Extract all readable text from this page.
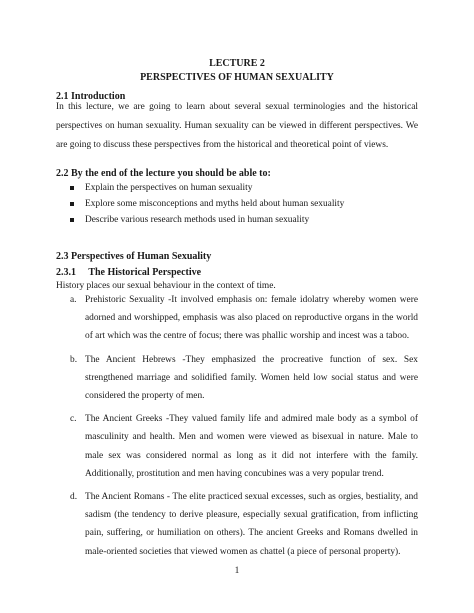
LECTURE 2
PERSPECTIVES OF HUMAN SEXUALITY
2.1 Introduction
In this lecture, we are going to learn about several sexual terminologies and the historical perspectives on human sexuality. Human sexuality can be viewed in different perspectives. We are going to discuss these perspectives from the historical and theoretical point of views.
2.2 By the end of the lecture you should be able to:
Explain the perspectives on human sexuality
Explore some misconceptions and myths held about human sexuality
Describe various research methods used in human sexuality
2.3 Perspectives of Human Sexuality
2.3.1     The Historical Perspective
History places our sexual behaviour in the context of time.
a. Prehistoric Sexuality -It involved emphasis on: female idolatry whereby women were adorned and worshipped, emphasis was also placed on reproductive organs in the world of art which was the centre of focus; there was phallic worship and incest was a taboo.
b. The Ancient Hebrews -They emphasized the procreative function of sex. Sex strengthened marriage and solidified family. Women held low social status and were considered the property of men.
c. The Ancient Greeks -They valued family life and admired male body as a symbol of masculinity and health. Men and women were viewed as bisexual in nature. Male to male sex was considered normal as long as it did not interfere with the family. Additionally, prostitution and men having concubines was a very popular trend.
d. The Ancient Romans - The elite practiced sexual excesses, such as orgies, bestiality, and sadism (the tendency to derive pleasure, especially sexual gratification, from inflicting pain, suffering, or humiliation on others). The ancient Greeks and Romans dwelled in male-oriented societies that viewed women as chattel (a piece of personal property).
1
